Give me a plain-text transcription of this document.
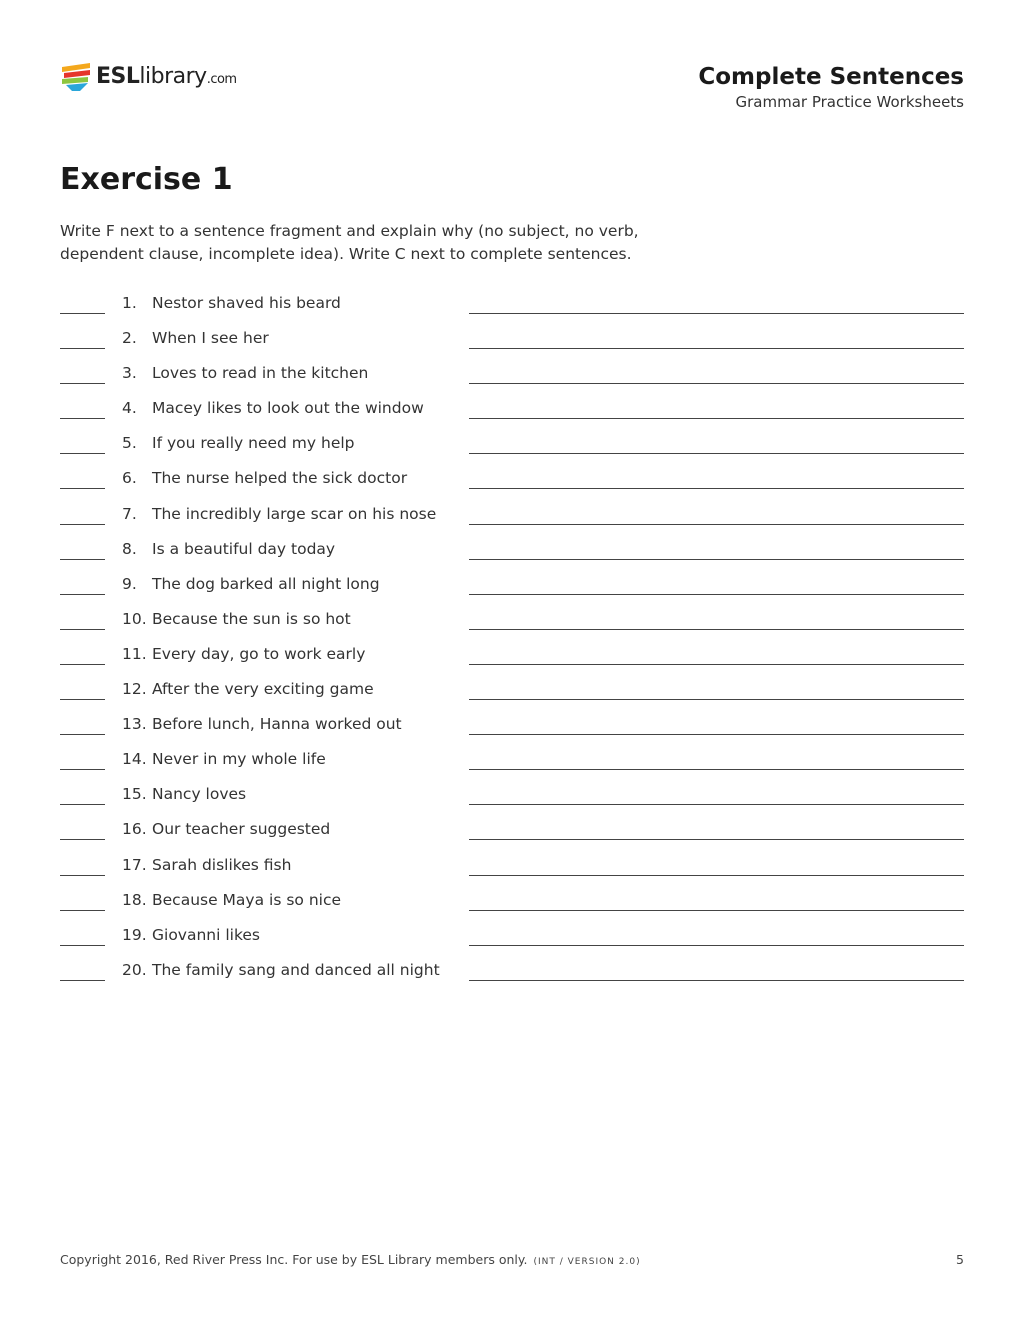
ESLlibrary.com	Complete Sentences
Grammar Practice Worksheets
Exercise 1
Write F next to a sentence fragment and explain why (no subject, no verb, dependent clause, incomplete idea). Write C next to complete sentences.
1. Nestor shaved his beard
2. When I see her
3. Loves to read in the kitchen
4. Macey likes to look out the window
5. If you really need my help
6. The nurse helped the sick doctor
7. The incredibly large scar on his nose
8. Is a beautiful day today
9. The dog barked all night long
10. Because the sun is so hot
11. Every day, go to work early
12. After the very exciting game
13. Before lunch, Hanna worked out
14. Never in my whole life
15. Nancy loves
16. Our teacher suggested
17. Sarah dislikes fish
18. Because Maya is so nice
19. Giovanni likes
20. The family sang and danced all night
Copyright 2016, Red River Press Inc. For use by ESL Library members only. (INT / VERSION 2.0)	5
